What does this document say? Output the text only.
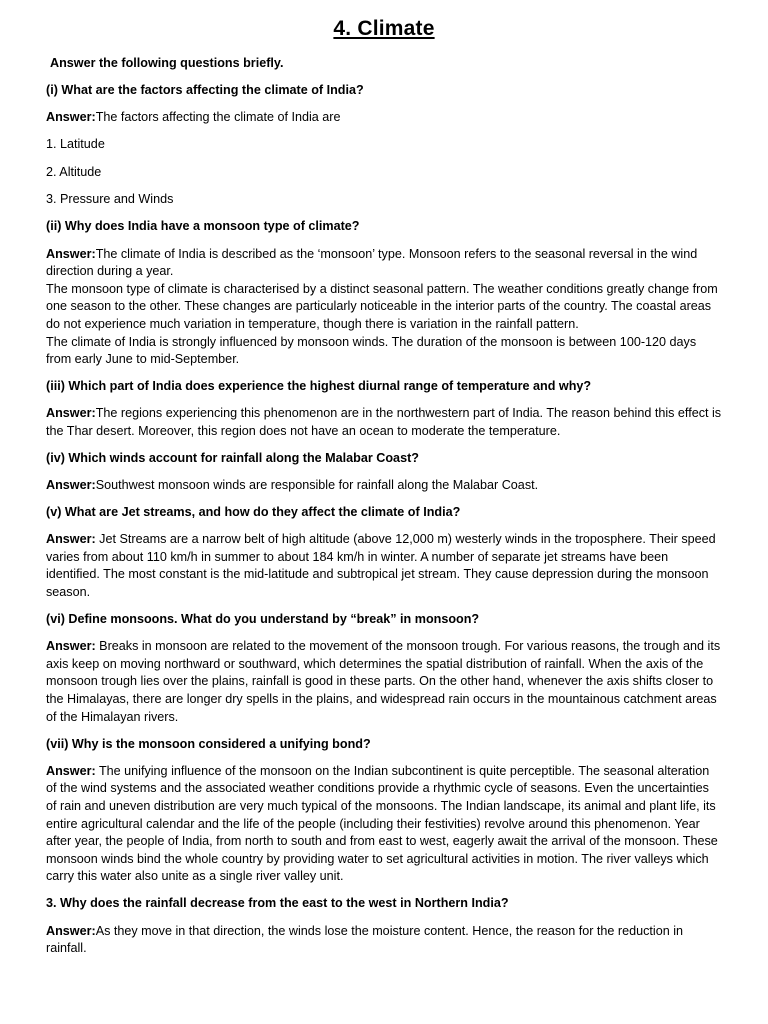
4. Climate

Answer the following questions briefly.

(i) What are the factors affecting the climate of India?

Answer:The factors affecting the climate of India are

1. Latitude

2. Altitude

3. Pressure and Winds

(ii) Why does India have a monsoon type of climate?

Answer:The climate of India is described as the ‘monsoon’ type. Monsoon refers to the seasonal reversal in the wind direction during a year.
The monsoon type of climate is characterised by a distinct seasonal pattern. The weather conditions greatly change from one season to the other. These changes are particularly noticeable in the interior parts of the country. The coastal areas do not experience much variation in temperature, though there is variation in the rainfall pattern.
The climate of India is strongly influenced by monsoon winds. The duration of the monsoon is between 100-120 days from early June to mid-September.

(iii) Which part of India does experience the highest diurnal range of temperature and why?

Answer:The regions experiencing this phenomenon are in the northwestern part of India. The reason behind this effect is the Thar desert. Moreover, this region does not have an ocean to moderate the temperature.

(iv) Which winds account for rainfall along the Malabar Coast?

Answer:Southwest monsoon winds are responsible for rainfall along the Malabar Coast.

(v) What are Jet streams, and how do they affect the climate of India?

Answer: Jet Streams are a narrow belt of high altitude (above 12,000 m) westerly winds in the troposphere. Their speed varies from about 110 km/h in summer to about 184 km/h in winter. A number of separate jet streams have been identified. The most constant is the mid-latitude and subtropical jet stream. They cause depression during the monsoon season.

(vi) Define monsoons. What do you understand by “break” in monsoon?

Answer: Breaks in monsoon are related to the movement of the monsoon trough. For various reasons, the trough and its axis keep on moving northward or southward, which determines the spatial distribution of rainfall. When the axis of the monsoon trough lies over the plains, rainfall is good in these parts. On the other hand, whenever the axis shifts closer to the Himalayas, there are longer dry spells in the plains, and widespread rain occurs in the mountainous catchment areas of the Himalayan rivers.

(vii) Why is the monsoon considered a unifying bond?

Answer: The unifying influence of the monsoon on the Indian subcontinent is quite perceptible. The seasonal alteration of the wind systems and the associated weather conditions provide a rhythmic cycle of seasons. Even the uncertainties of rain and uneven distribution are very much typical of the monsoons. The Indian landscape, its animal and plant life, its entire agricultural calendar and the life of the people (including their festivities) revolve around this phenomenon. Year after year, the people of India, from north to south and from east to west, eagerly await the arrival of the monsoon. These monsoon winds bind the whole country by providing water to set agricultural activities in motion. The river valleys which carry this water also unite as a single river valley unit.

3. Why does the rainfall decrease from the east to the west in Northern India?

Answer:As they move in that direction, the winds lose the moisture content. Hence, the reason for the reduction in rainfall.
